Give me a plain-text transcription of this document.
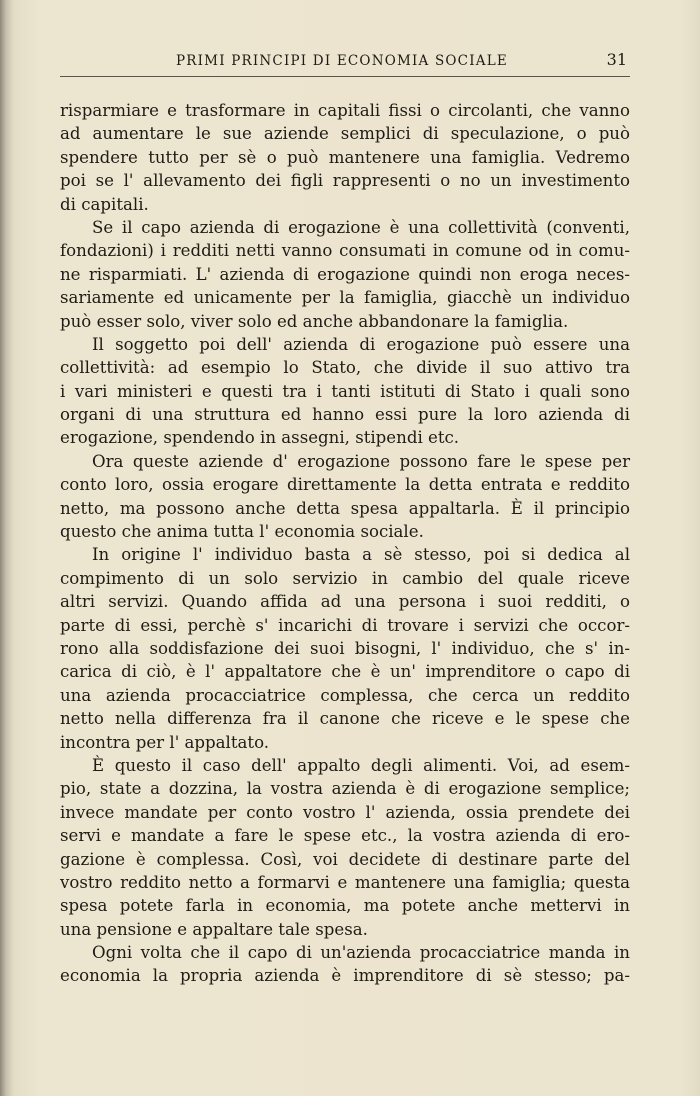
PRIMI PRINCIPI DI ECONOMIA SOCIALE	31
risparmiare e trasformare in capitali fissi o circolanti, che vanno
ad aumentare le sue aziende semplici di speculazione, o può
spendere tutto per sè o può mantenere una famiglia. Vedremo
poi se l' allevamento dei figli rappresenti o no un investimento
di capitali.
Se il capo azienda di erogazione è una collettività (conventi,
fondazioni) i redditi netti vanno consumati in comune od in comu-
ne risparmiati. L' azienda di erogazione quindi non eroga neces-
sariamente ed unicamente per la famiglia, giacchè un individuo
può esser solo, viver solo ed anche abbandonare la famiglia.
Il soggetto poi dell' azienda di erogazione può essere una
collettività: ad esempio lo Stato, che divide il suo attivo tra
i vari ministeri e questi tra i tanti istituti di Stato i quali sono
organi di una struttura ed hanno essi pure la loro azienda di
erogazione, spendendo in assegni, stipendi etc.
Ora queste aziende d' erogazione possono fare le spese per
conto loro, ossia erogare direttamente la detta entrata e reddito
netto, ma possono anche detta spesa appaltarla. È il principio
questo che anima tutta l' economia sociale.
In origine l' individuo basta a sè stesso, poi si dedica al
compimento di un solo servizio in cambio del quale riceve
altri servizi. Quando affida ad una persona i suoi redditi, o
parte di essi, perchè s' incarichi di trovare i servizi che occor-
rono alla soddisfazione dei suoi bisogni, l' individuo, che s' in-
carica di ciò, è l' appaltatore che è un' imprenditore o capo di
una azienda procacciatrice complessa, che cerca un reddito
netto nella differenza fra il canone che riceve e le spese che
incontra per l' appaltato.
È questo il caso dell' appalto degli alimenti. Voi, ad esem-
pio, state a dozzina, la vostra azienda è di erogazione semplice;
invece mandate per conto vostro l' azienda, ossia prendete dei
servi e mandate a fare le spese etc., la vostra azienda di ero-
gazione è complessa. Così, voi decidete di destinare parte del
vostro reddito netto a formarvi e mantenere una famiglia; questa
spesa potete farla in economia, ma potete anche mettervi in
una pensione e appaltare tale spesa.
Ogni volta che il capo di un'azienda procacciatrice manda in
economia la propria azienda è imprenditore di sè stesso; pa-
